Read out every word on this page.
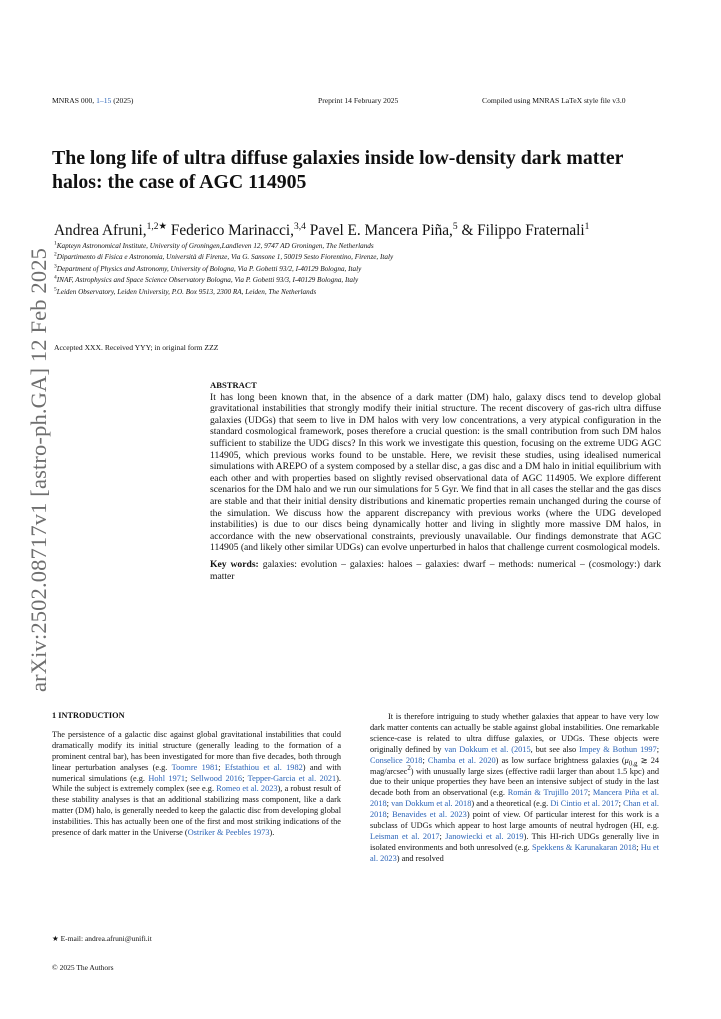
MNRAS 000, 1–15 (2025)	Preprint 14 February 2025	Compiled using MNRAS LaTeX style file v3.0
arXiv:2502.08717v1 [astro-ph.GA] 12 Feb 2025
The long life of ultra diffuse galaxies inside low-density dark matter halos: the case of AGC 114905
Andrea Afruni,$^{1,2★}$ Federico Marinacci,$^{3,4}$ Pavel E. Mancera Piña,$^5$ & Filippo Fraternali$^1$
$^1$Kapteyn Astronomical Institute, University of Groningen,Landleven 12, 9747 AD Groningen, The Netherlands
$^2$Dipartimento di Fisica e Astronomia, Università di Firenze, Via G. Sansone 1, 50019 Sesto Fiorentino, Firenze, Italy
$^3$Department of Physics and Astronomy, University of Bologna, Via P. Gobetti 93/2, I-40129 Bologna, Italy
$^4$INAF, Astrophysics and Space Science Observatory Bologna, Via P. Gobetti 93/3, I-40129 Bologna, Italy
$^5$Leiden Observatory, Leiden University, P.O. Box 9513, 2300 RA, Leiden, The Netherlands
Accepted XXX. Received YYY; in original form ZZZ
ABSTRACT
It has long been known that, in the absence of a dark matter (DM) halo, galaxy discs tend to develop global gravitational instabilities that strongly modify their initial structure. The recent discovery of gas-rich ultra diffuse galaxies (UDGs) that seem to live in DM halos with very low concentrations, a very atypical configuration in the standard cosmological framework, poses therefore a crucial question: is the small contribution from such DM halos sufficient to stabilize the UDG discs? In this work we investigate this question, focusing on the extreme UDG AGC 114905, which previous works found to be unstable. Here, we revisit these studies, using idealised numerical simulations with AREPO of a system composed by a stellar disc, a gas disc and a DM halo in initial equilibrium with each other and with properties based on slightly revised observational data of AGC 114905. We explore different scenarios for the DM halo and we run our simulations for 5 Gyr. We find that in all cases the stellar and the gas discs are stable and that their initial density distributions and kinematic properties remain unchanged during the course of the simulation. We discuss how the apparent discrepancy with previous works (where the UDG developed instabilities) is due to our discs being dynamically hotter and living in slightly more massive DM halos, in accordance with the new observational constraints, previously unavailable. Our findings demonstrate that AGC 114905 (and likely other similar UDGs) can evolve unperturbed in halos that challenge current cosmological models.
Key words: galaxies: evolution – galaxies: haloes – galaxies: dwarf – methods: numerical – (cosmology:) dark matter
1 INTRODUCTION
The persistence of a galactic disc against global gravitational instabilities that could dramatically modify its initial structure (generally leading to the formation of a prominent central bar), has been investigated for more than five decades, both through linear perturbation analyses (e.g. Toomre 1981; Efstathiou et al. 1982) and with numerical simulations (e.g. Hohl 1971; Sellwood 2016; Tepper-Garcia et al. 2021). While the subject is extremely complex (see e.g. Romeo et al. 2023), a robust result of these stability analyses is that an additional stabilizing mass component, like a dark matter (DM) halo, is generally needed to keep the galactic disc from developing global instabilities. This has actually been one of the first and most striking indications of the presence of dark matter in the Universe (Ostriker & Peebles 1973).
It is therefore intriguing to study whether galaxies that appear to have very low dark matter contents can actually be stable against global instabilities. One remarkable science-case is related to ultra diffuse galaxies, or UDGs. These objects were originally defined by van Dokkum et al. (2015, but see also Impey & Bothun 1997; Conselice 2018; Chamba et al. 2020) as low surface brightness galaxies ($\mu_{0,g}$ ≳ 24 mag/arcsec$^2$) with unusually large sizes (effective radii larger than about 1.5 kpc) and due to their unique properties they have been an intensive subject of study in the last decade both from an observational (e.g. Román & Trujillo 2017; Mancera Piña et al. 2018; van Dokkum et al. 2018) and a theoretical (e.g. Di Cintio et al. 2017; Chan et al. 2018; Benavides et al. 2023) point of view. Of particular interest for this work is a subclass of UDGs which appear to host large amounts of neutral hydrogen (HI, e.g. Leisman et al. 2017; Janowiecki et al. 2019). This HI-rich UDGs generally live in isolated environments and both unresolved (e.g. Spekkens & Karunakaran 2018; Hu et al. 2023) and resolved
★ E-mail: andrea.afruni@unifi.it
© 2025 The Authors
